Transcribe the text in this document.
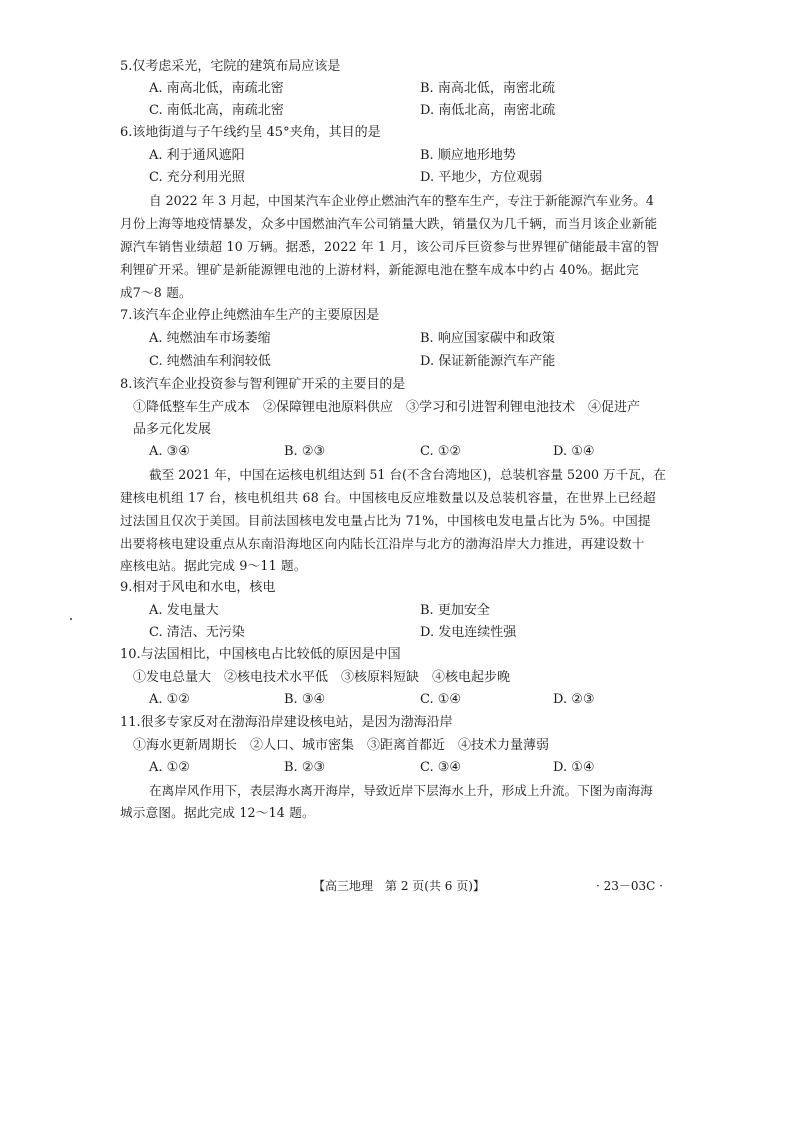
5.仅考虑采光，宅院的建筑布局应该是
A. 南高北低，南疏北密	B. 南高北低，南密北疏
C. 南低北高，南疏北密	D. 南低北高，南密北疏
6.该地街道与子午线约呈 45°夹角，其目的是
A. 利于通风遮阳	B. 顺应地形地势
C. 充分利用光照	D. 平地少，方位观弱
自 2022 年 3 月起，中国某汽车企业停止燃油汽车的整车生产，专注于新能源汽车业务。4
月份上海等地疫情暴发，众多中国燃油汽车公司销量大跌，销量仅为几千辆，而当月该企业新能
源汽车销售业绩超 10 万辆。据悉，2022 年 1 月，该公司斥巨资参与世界锂矿储能最丰富的智
利锂矿开采。锂矿是新能源锂电池的上游材料，新能源电池在整车成本中约占 40%。据此完
成7～8 题。
7.该汽车企业停止纯燃油车生产的主要原因是
A. 纯燃油车市场萎缩	B. 响应国家碳中和政策
C. 纯燃油车利润较低	D. 保证新能源汽车产能
8.该汽车企业投资参与智利锂矿开采的主要目的是
①降低整车生产成本　②保障锂电池原料供应　③学习和引进智利锂电池技术　④促进产
品多元化发展
A. ③④	B. ②③	C. ①②	D. ①④
截至 2021 年，中国在运核电机组达到 51 台(不含台湾地区)，总装机容量 5200 万千瓦，在
建核电机组 17 台，核电机组共 68 台。中国核电反应堆数量以及总装机容量，在世界上已经超
过法国且仅次于美国。目前法国核电发电量占比为 71%，中国核电发电量占比为 5%。中国提
出要将核电建设重点从东南沿海地区向内陆长江沿岸与北方的渤海沿岸大力推进，再建设数十
座核电站。据此完成 9～11 题。
9.相对于风电和水电，核电
A. 发电量大	B. 更加安全
C. 清洁、无污染	D. 发电连续性强
10.与法国相比，中国核电占比较低的原因是中国
①发电总量大　②核电技术水平低　③核原料短缺　④核电起步晚
A. ①②	B. ③④	C. ①④	D. ②③
11.很多专家反对在渤海沿岸建设核电站，是因为渤海沿岸
①海水更新周期长　②人口、城市密集　③距离首都近　④技术力量薄弱
A. ①②	B. ②③	C. ③④	D. ①④
在离岸风作用下，表层海水离开海岸，导致近岸下层海水上升，形成上升流。下图为南海海
城示意图。据此完成 12～14 题。
【高三地理　第 2 页(共 6 页)】	· 23－03C ·
